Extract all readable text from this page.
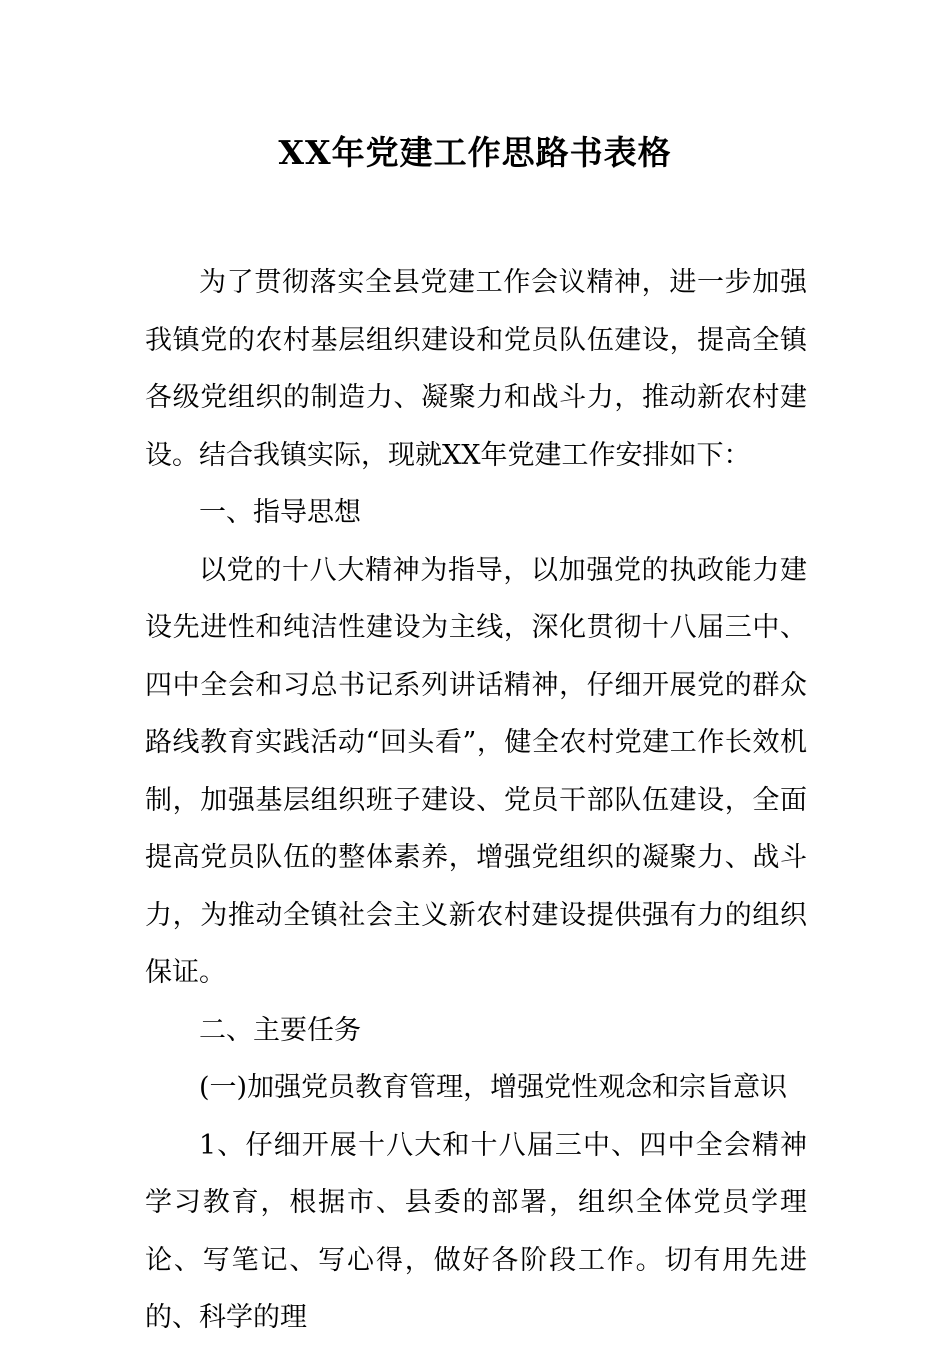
XX年党建工作思路书表格

为了贯彻落实全县党建工作会议精神，进一步加强我镇党的农村基层组织建设和党员队伍建设，提高全镇各级党组织的制造力、凝聚力和战斗力，推动新农村建设。结合我镇实际，现就XX年党建工作安排如下：

一、指导思想

以党的十八大精神为指导，以加强党的执政能力建设先进性和纯洁性建设为主线，深化贯彻十八届三中、四中全会和习总书记系列讲话精神，仔细开展党的群众路线教育实践活动“回头看”，健全农村党建工作长效机制，加强基层组织班子建设、党员干部队伍建设，全面提高党员队伍的整体素养，增强党组织的凝聚力、战斗力，为推动全镇社会主义新农村建设提供强有力的组织保证。

二、主要任务

(一)加强党员教育管理，增强党性观念和宗旨意识

1、仔细开展十八大和十八届三中、四中全会精神学习教育，根据市、县委的部署，组织全体党员学理论、写笔记、写心得，做好各阶段工作。切有用先进的、科学的理
